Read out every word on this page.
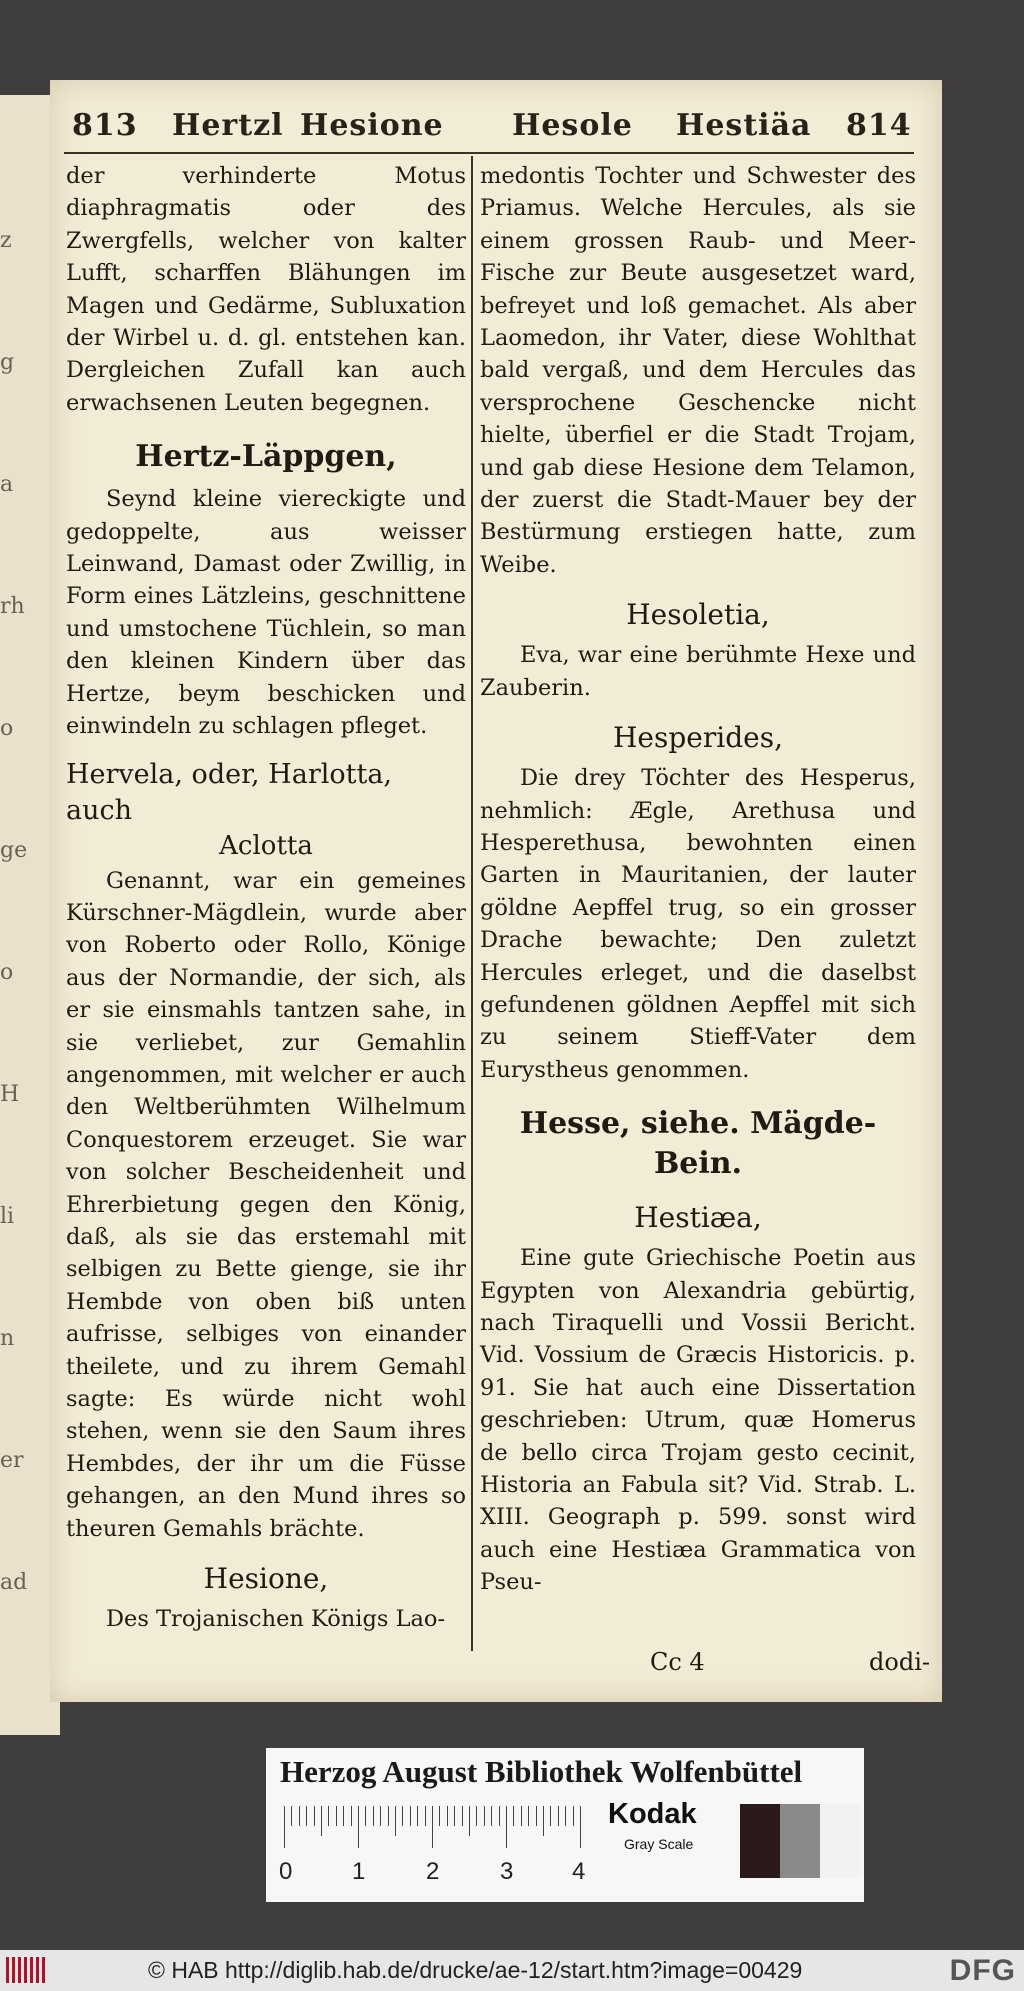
z
g
a
rh
o
ge
o
H
li
n
er
ad
813 Hertzl Hesione Hesole Hestiäa 814

der verhinderte Motus diaphragmatis oder des Zwergfells, welcher von kalter Lufft, scharffen Blähungen im Magen und Gedärme, Subluxation der Wirbel u. d. gl. entstehen kan. Dergleichen Zufall kan auch erwachsenen Leuten begegnen.

Hertz-Läppgen,

Seynd kleine viereckigte und gedoppelte, aus weisser Leinwand, Damast oder Zwillig, in Form eines Lätzleins, geschnittene und umstochene Tüchlein, so man den kleinen Kindern über das Hertze, beym beschicken und einwindeln zu schlagen pfleget.

Hervela, oder, Harlotta, auch

Aclotta

Genannt, war ein gemeines Kürschner-Mägdlein, wurde aber von Roberto oder Rollo, Könige aus der Normandie, der sich, als er sie einsmahls tantzen sahe, in sie verliebet, zur Gemahlin angenommen, mit welcher er auch den Weltberühmten Wilhelmum Conquestorem erzeuget. Sie war von solcher Bescheidenheit und Ehrerbietung gegen den König, daß, als sie das erstemahl mit selbigen zu Bette gienge, sie ihr Hembde von oben biß unten aufrisse, selbiges von einander theilete, und zu ihrem Gemahl sagte: Es würde nicht wohl stehen, wenn sie den Saum ihres Hembdes, der ihr um die Füsse gehangen, an den Mund ihres so theuren Gemahls brächte.

Hesione,

Des Trojanischen Königs Lao-

medontis Tochter und Schwester des Priamus. Welche Hercules, als sie einem grossen Raub- und Meer-Fische zur Beute ausgesetzet ward, befreyet und loß gemachet. Als aber Laomedon, ihr Vater, diese Wohlthat bald vergaß, und dem Hercules das versprochene Geschencke nicht hielte, überfiel er die Stadt Trojam, und gab diese Hesione dem Telamon, der zuerst die Stadt-Mauer bey der Bestürmung erstiegen hatte, zum Weibe.

Hesoletia,

Eva, war eine berühmte Hexe und Zauberin.

Hesperides,

Die drey Töchter des Hesperus, nehmlich: Ægle, Arethusa und Hesperethusa, bewohnten einen Garten in Mauritanien, der lauter göldne Aepffel trug, so ein grosser Drache bewachte; Den zuletzt Hercules erleget, und die daselbst gefundenen göldnen Aepffel mit sich zu seinem Stieff-Vater dem Eurystheus genommen.

Hesse, siehe. Mägde-Bein.

Hestiæa,

Eine gute Griechische Poetin aus Egypten von Alexandria gebürtig, nach Tiraquelli und Vossii Bericht. Vid. Vossium de Græcis Historicis. p. 91. Sie hat auch eine Dissertation geschrieben: Utrum, quæ Homerus de bello circa Trojam gesto cecinit, Historia an Fabula sit? Vid. Strab. L. XIII. Geograph p. 599. sonst wird auch eine Hestiæa Grammatica von Pseu-

Cc 4	dodi-
Herzog August Bibliothek Wolfenbüttel
0 1	2	3 4
Kodak
Gray Scale
© HAB http://diglib.hab.de/drucke/ae-12/start.htm?image=00429	DFG
